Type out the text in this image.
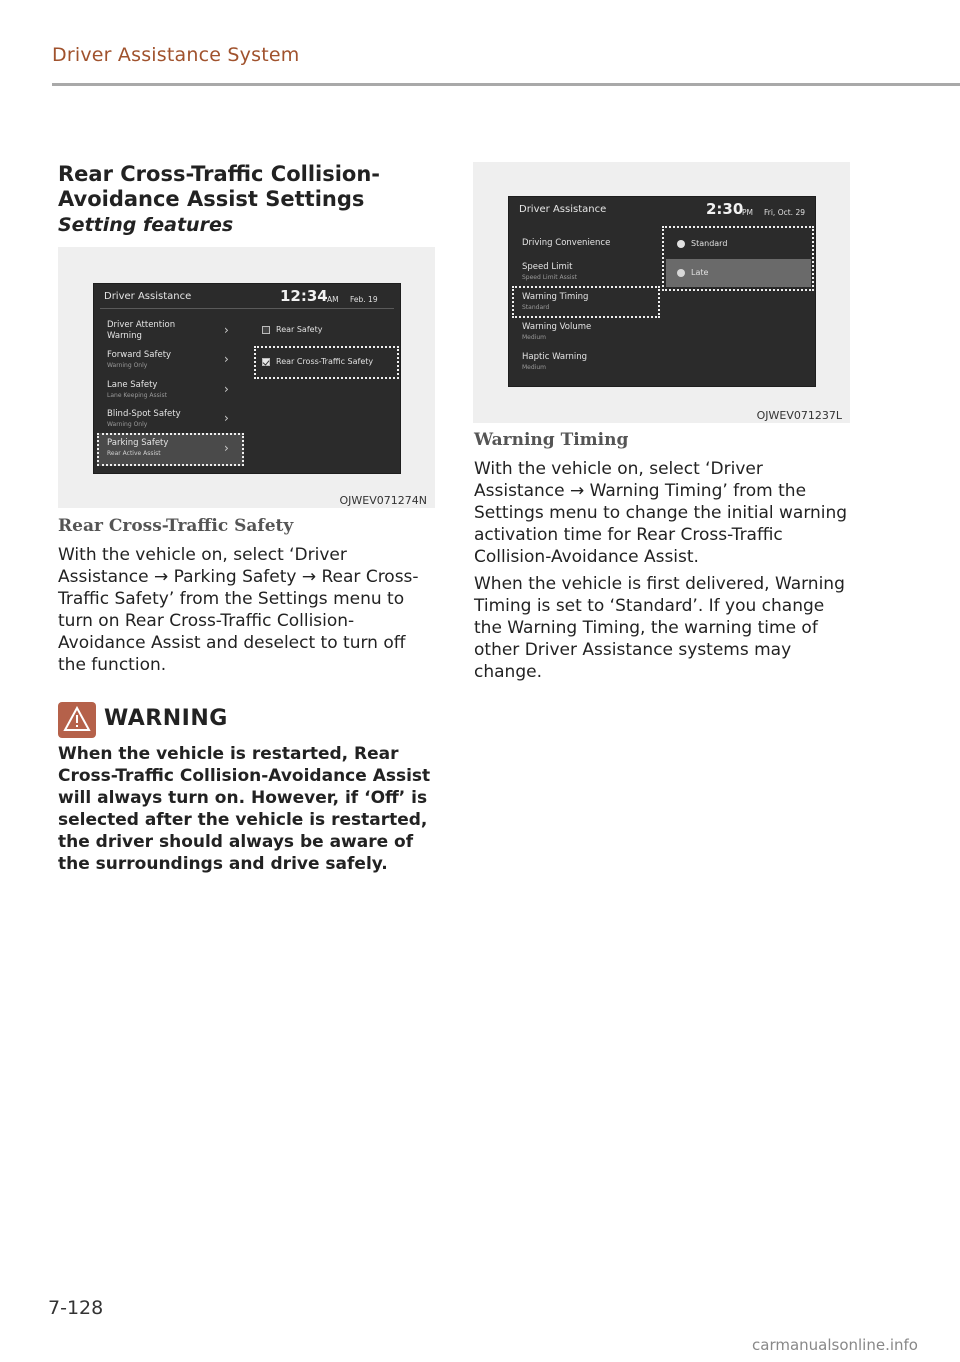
Driver Assistance System
Rear Cross-Traffic Collision-Avoidance Assist Settings
Setting features
Driver Assistance	12:34 AM Feb. 19
Driver Attention
Warning	›
Forward Safety
Warning Only	›
Lane Safety
Lane Keeping Assist	›
Blind-Spot Safety
Warning Only	›
Parking Safety
Rear Active Assist	›
Rear Safety
Rear Cross-Traffic Safety
OJWEV071274N
Rear Cross-Traffic Safety
With the vehicle on, select ‘Driver Assistance → Parking Safety → Rear Cross-Traffic Safety’ from the Settings menu to turn on Rear Cross-Traffic Collision-Avoidance Assist and deselect to turn off the function.
WARNING
When the vehicle is restarted, Rear Cross-Traffic Collision-Avoidance Assist will always turn on. However, if ‘Off’ is selected after the vehicle is restarted, the driver should always be aware of the surroundings and drive safely.
Driver Assistance	2:30
PM Fri, Oct. 29
Driving Convenience
Speed Limit
Speed Limit Assist
Warning Timing
Standard
Warning Volume
Medium
Haptic Warning
Medium
Standard
Late
OJWEV071237L
Warning Timing
With the vehicle on, select ‘Driver Assistance → Warning Timing’ from the Settings menu to change the initial warning activation time for Rear Cross-Traffic Collision-Avoidance Assist.
When the vehicle is first delivered, Warning Timing is set to ‘Standard’. If you change the Warning Timing, the warning time of other Driver Assistance systems may change.
7-128
carmanualsonline.info
